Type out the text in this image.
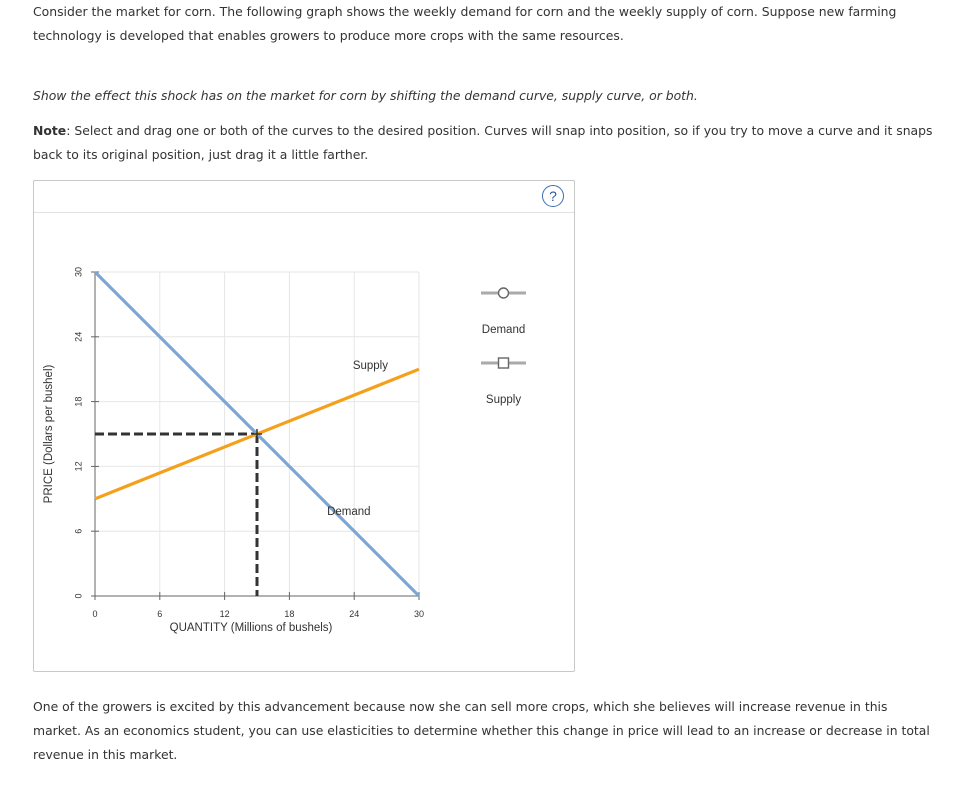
Consider the market for corn. The following graph shows the weekly demand for corn and the weekly supply of corn. Suppose new farming technology is developed that enables growers to produce more crops with the same resources.

Show the effect this shock has on the market for corn by shifting the demand curve, supply curve, or both.

Note: Select and drag one or both of the curves to the desired position. Curves will snap into position, so if you try to move a curve and it snaps back to its original position, just drag it a little farther.

?
0	6	12	18	24	30
0
6
12
18
24
30
QUANTITY (Millions of bushels)
PRICE (Dollars per bushel)	Supply
Demand
Demand
Supply

One of the growers is excited by this advancement because now she can sell more crops, which she believes will increase revenue in this market. As an economics student, you can use elasticities to determine whether this change in price will lead to an increase or decrease in total revenue in this market.
